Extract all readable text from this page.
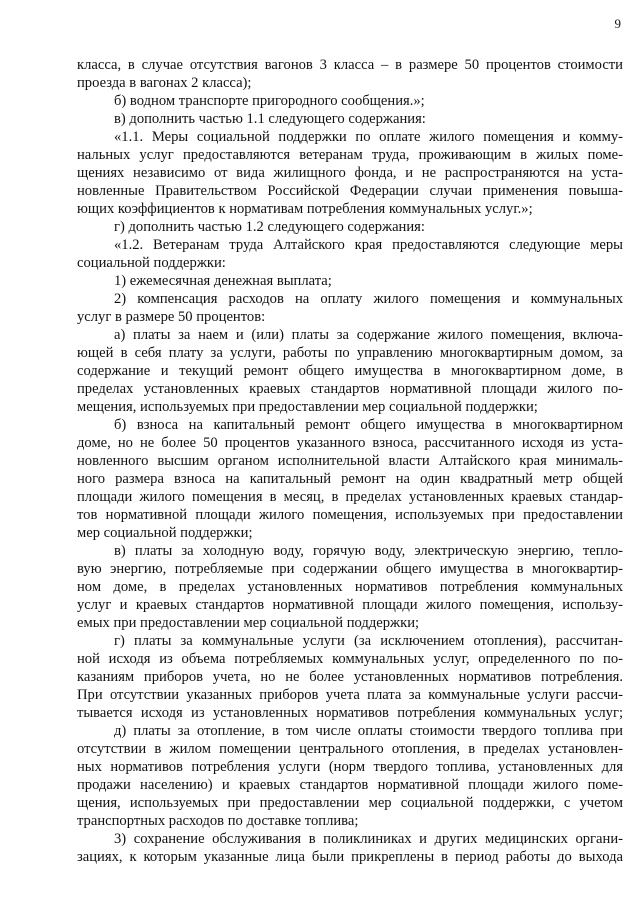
9
класса, в случае отсутствия вагонов 3 класса – в размере 50 процентов стоимости
проезда в вагонах 2 класса);
б) водном транспорте пригородного сообщения.»;
в) дополнить частью 1.1 следующего содержания:
«1.1. Меры социальной поддержки по оплате жилого помещения и комму-
нальных услуг предоставляются ветеранам труда, проживающим в жилых поме-
щениях независимо от вида жилищного фонда, и не распространяются на уста-
новленные Правительством Российской Федерации случаи применения повыша-
ющих коэффициентов к нормативам потребления коммунальных услуг.»;
г) дополнить частью 1.2 следующего содержания:
«1.2. Ветеранам труда Алтайского края предоставляются следующие меры
социальной поддержки:
1) ежемесячная денежная выплата;
2) компенсация расходов на оплату жилого помещения и коммунальных
услуг в размере 50 процентов:
а) платы за наем и (или) платы за содержание жилого помещения, включа-
ющей в себя плату за услуги, работы по управлению многоквартирным домом, за
содержание и текущий ремонт общего имущества в многоквартирном доме, в
пределах установленных краевых стандартов нормативной площади жилого по-
мещения, используемых при предоставлении мер социальной поддержки;
б) взноса на капитальный ремонт общего имущества в многоквартирном
доме, но не более 50 процентов указанного взноса, рассчитанного исходя из уста-
новленного высшим органом исполнительной власти Алтайского края минималь-
ного размера взноса на капитальный ремонт на один квадратный метр общей
площади жилого помещения в месяц, в пределах установленных краевых стандар-
тов нормативной площади жилого помещения, используемых при предоставлении
мер социальной поддержки;
в) платы за холодную воду, горячую воду, электрическую энергию, тепло-
вую энергию, потребляемые при содержании общего имущества в многоквартир-
ном доме, в пределах установленных нормативов потребления коммунальных
услуг и краевых стандартов нормативной площади жилого помещения, использу-
емых при предоставлении мер социальной поддержки;
г) платы за коммунальные услуги (за исключением отопления), рассчитан-
ной исходя из объема потребляемых коммунальных услуг, определенного по по-
казаниям приборов учета, но не более установленных нормативов потребления.
При отсутствии указанных приборов учета плата за коммунальные услуги рассчи-
тывается исходя из установленных нормативов потребления коммунальных услуг;
д) платы за отопление, в том числе оплаты стоимости твердого топлива при
отсутствии в жилом помещении центрального отопления, в пределах установлен-
ных нормативов потребления услуги (норм твердого топлива, установленных для
продажи населению) и краевых стандартов нормативной площади жилого поме-
щения, используемых при предоставлении мер социальной поддержки, с учетом
транспортных расходов по доставке топлива;
3) сохранение обслуживания в поликлиниках и других медицинских органи-
зациях, к которым указанные лица были прикреплены в период работы до выхода
